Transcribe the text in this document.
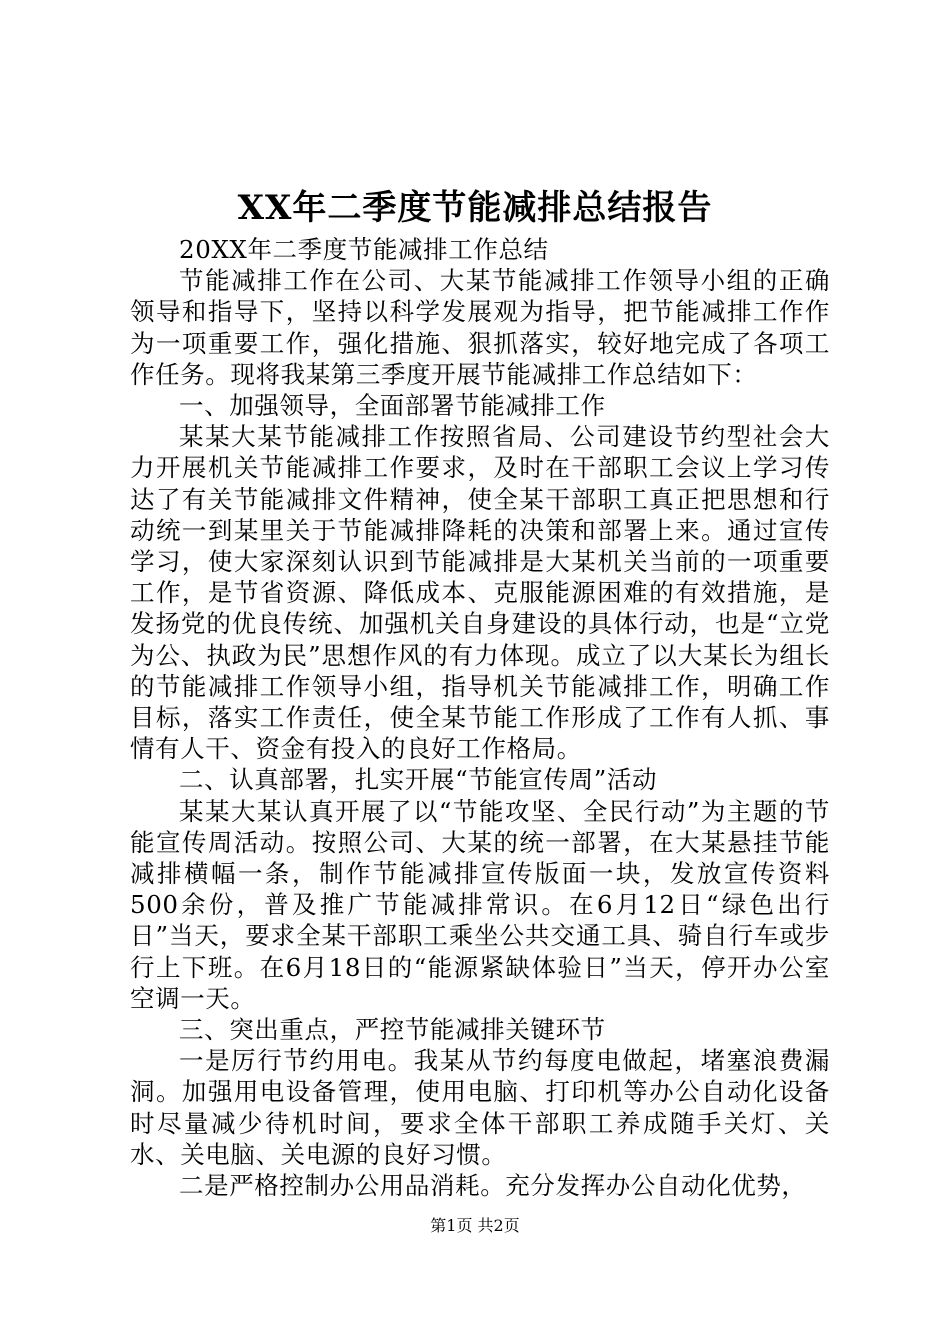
XX年二季度节能减排总结报告

20XX年二季度节能减排工作总结

节能减排工作在公司、大某节能减排工作领导小组的正确领导和指导下，坚持以科学发展观为指导，把节能减排工作作为一项重要工作，强化措施、狠抓落实，较好地完成了各项工作任务。现将我某第三季度开展节能减排工作总结如下：

一、加强领导，全面部署节能减排工作

某某大某节能减排工作按照省局、公司建设节约型社会大力开展机关节能减排工作要求，及时在干部职工会议上学习传达了有关节能减排文件精神，使全某干部职工真正把思想和行动统一到某里关于节能减排降耗的决策和部署上来。通过宣传学习，使大家深刻认识到节能减排是大某机关当前的一项重要工作，是节省资源、降低成本、克服能源困难的有效措施，是发扬党的优良传统、加强机关自身建设的具体行动，也是“立党为公、执政为民”思想作风的有力体现。成立了以大某长为组长的节能减排工作领导小组，指导机关节能减排工作，明确工作目标，落实工作责任，使全某节能工作形成了工作有人抓、事情有人干、资金有投入的良好工作格局。

二、认真部署，扎实开展“节能宣传周”活动

某某大某认真开展了以“节能攻坚、全民行动”为主题的节能宣传周活动。按照公司、大某的统一部署，在大某悬挂节能减排横幅一条，制作节能减排宣传版面一块，发放宣传资料500余份，普及推广节能减排常识。在6月12日“绿色出行日”当天，要求全某干部职工乘坐公共交通工具、骑自行车或步行上下班。在6月18日的“能源紧缺体验日”当天，停开办公室空调一天。

三、突出重点，严控节能减排关键环节

一是厉行节约用电。我某从节约每度电做起，堵塞浪费漏洞。加强用电设备管理，使用电脑、打印机等办公自动化设备时尽量减少待机时间，要求全体干部职工养成随手关灯、关水、关电脑、关电源的良好习惯。

二是严格控制办公用品消耗。充分发挥办公自动化优势，

第1页 共2页
